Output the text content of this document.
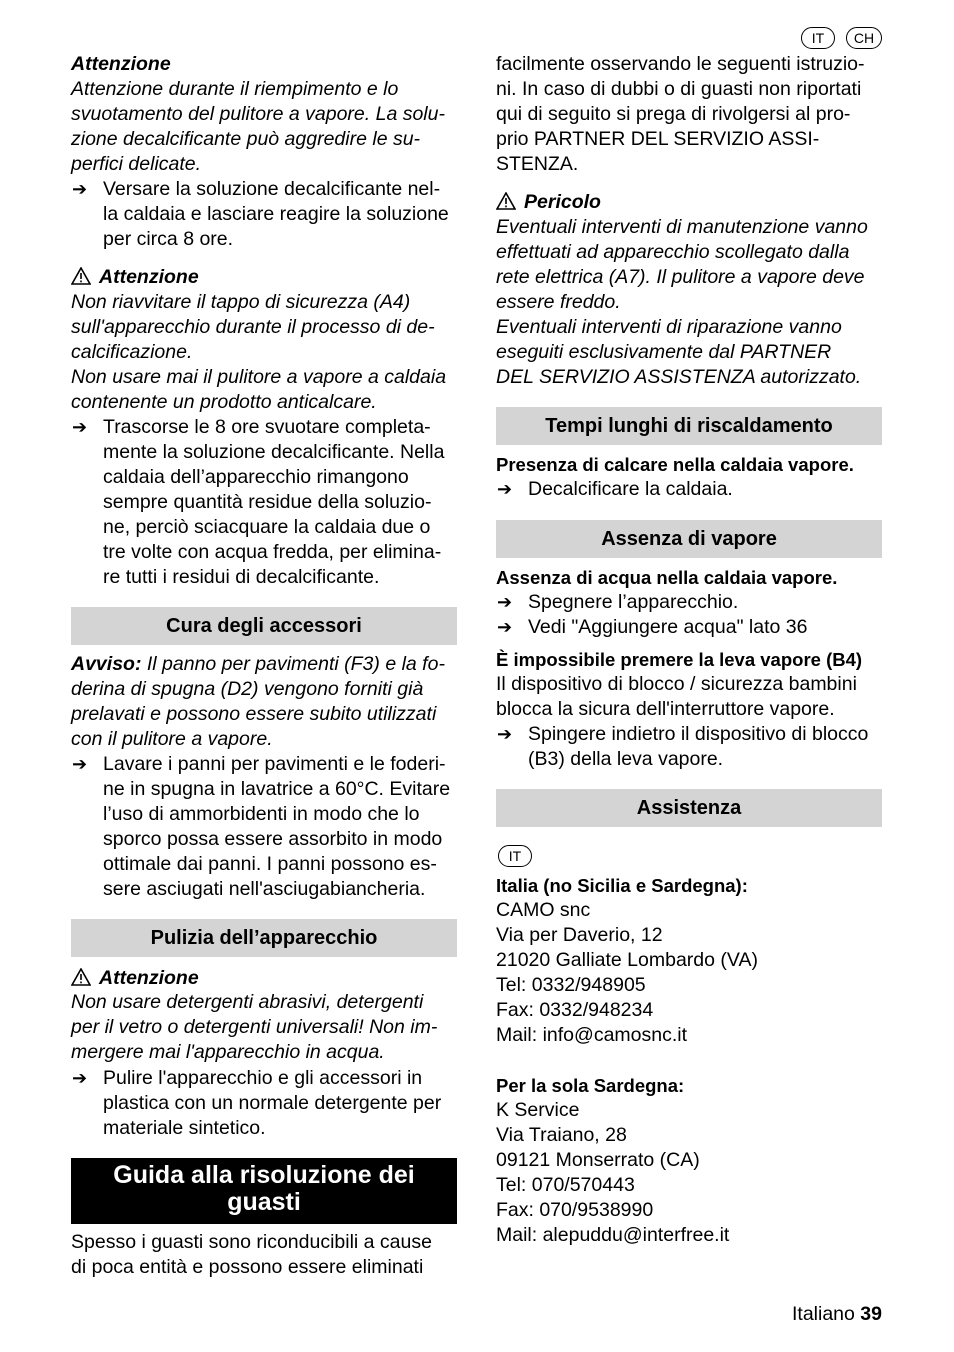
IT	CH

Attenzione

Attenzione durante il riempimento e lo

svuotamento del pulitore a vapore. La solu-

zione decalcificante può aggredire le su-

perfici delicate.

➔ Versare la soluzione decalcificante nel-

la caldaia e lasciare reagire la soluzione

per circa 8 ore.

Attenzione

Non riavvitare il tappo di sicurezza (A4)

sull'apparecchio durante il processo di de-

calcificazione.

Non usare mai il pulitore a vapore a caldaia

contenente un prodotto anticalcare.

➔ Trascorse le 8 ore svuotare completa-

mente la soluzione decalcificante. Nella

caldaia dell’apparecchio rimangono

sempre quantità residue della soluzio-

ne, perciò sciacquare la caldaia due o

tre volte con acqua fredda, per elimina-

re tutti i residui di decalcificante.

Cura degli accessori

Avviso: Il panno per pavimenti (F3) e la fo-

derina di spugna (D2) vengono forniti già

prelavati e possono essere subito utilizzati

con il pulitore a vapore.

➔ Lavare i panni per pavimenti e le foderi-

ne in spugna in lavatrice a 60°C. Evitare

l’uso di ammorbidenti in modo che lo

sporco possa essere assorbito in modo

ottimale dai panni. I panni possono es-

sere asciugati nell'asciugabiancheria.

Pulizia dell’apparecchio

Attenzione

Non usare detergenti abrasivi, detergenti

per il vetro o detergenti universali! Non im-

mergere mai l'apparecchio in acqua.

➔ Pulire l'apparecchio e gli accessori in

plastica con un normale detergente per

materiale sintetico.

Guida alla risoluzione dei
guasti

Spesso i guasti sono riconducibili a cause

di poca entità e possono essere eliminati

facilmente osservando le seguenti istruzio-

ni. In caso di dubbi o di guasti non riportati

qui di seguito si prega di rivolgersi al pro-

prio PARTNER DEL SERVIZIO ASSI-

STENZA.

Pericolo

Eventuali interventi di manutenzione vanno

effettuati ad apparecchio scollegato dalla

rete elettrica (A7). Il pulitore a vapore deve

essere freddo.

Eventuali interventi di riparazione vanno

eseguiti esclusivamente dal PARTNER

DEL SERVIZIO ASSISTENZA autorizzato.

Tempi lunghi di riscaldamento

Presenza di calcare nella caldaia vapore.

➔ Decalcificare la caldaia.

Assenza di vapore

Assenza di acqua nella caldaia vapore.

➔ Spegnere l’apparecchio.

➔ Vedi "Aggiungere acqua" lato 36

È impossibile premere la leva vapore (B4)

Il dispositivo di blocco / sicurezza bambini

blocca la sicura dell'interruttore vapore.

➔ Spingere indietro il dispositivo di blocco

(B3) della leva vapore.

Assistenza
IT

Italia (no Sicilia e Sardegna):

CAMO snc

Via per Daverio, 12

21020 Galliate Lombardo (VA)

Tel: 0332/948905

Fax: 0332/948234

Mail: info@camosnc.it

Per la sola Sardegna:

K Service

Via Traiano, 28

09121 Monserrato (CA)

Tel: 070/570443

Fax: 070/9538990

Mail: alepuddu@interfree.it

Italiano 39
